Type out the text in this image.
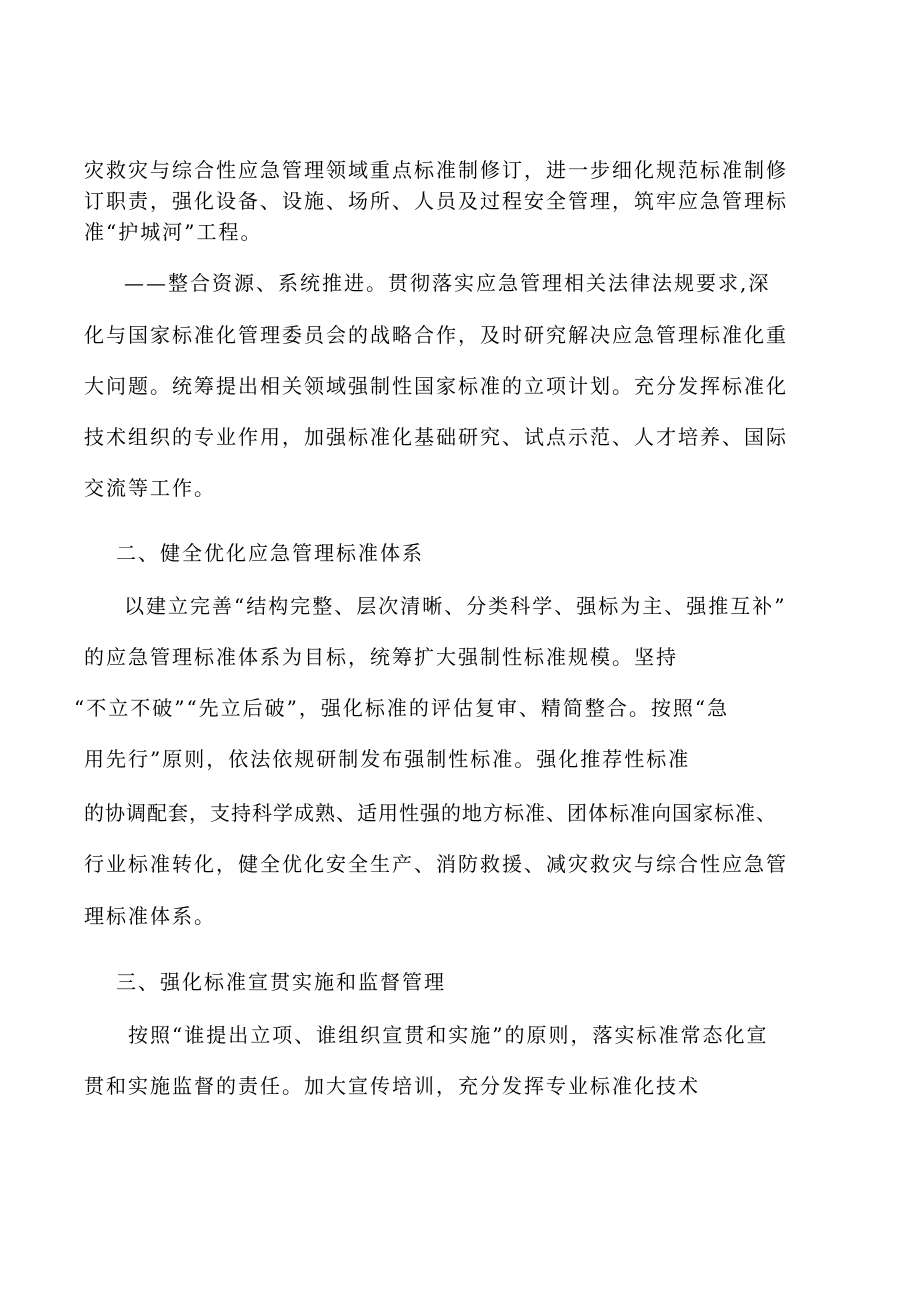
灾救灾与综合性应急管理领域重点标准制修订，进一步细化规范标准制修
订职责，强化设备、设施、场所、人员及过程安全管理，筑牢应急管理标
准“护城河”工程。
——整合资源、系统推进。贯彻落实应急管理相关法律法规要求,深
化与国家标准化管理委员会的战略合作，及时研究解决应急管理标准化重
大问题。统筹提出相关领域强制性国家标准的立项计划。充分发挥标准化
技术组织的专业作用，加强标准化基础研究、试点示范、人才培养、国际
交流等工作。
二、健全优化应急管理标准体系
以建立完善“结构完整、层次清晰、分类科学、强标为主、强推互补”
的应急管理标准体系为目标，统筹扩大强制性标准规模。坚持
“不立不破”“先立后破”，强化标准的评估复审、精简整合。按照“急
用先行”原则，依法依规研制发布强制性标准。强化推荐性标准
的协调配套，支持科学成熟、适用性强的地方标准、团体标准向国家标准、
行业标准转化，健全优化安全生产、消防救援、减灾救灾与综合性应急管
理标准体系。
三、强化标准宣贯实施和监督管理
按照“谁提出立项、谁组织宣贯和实施”的原则，落实标准常态化宣
贯和实施监督的责任。加大宣传培训，充分发挥专业标准化技术
